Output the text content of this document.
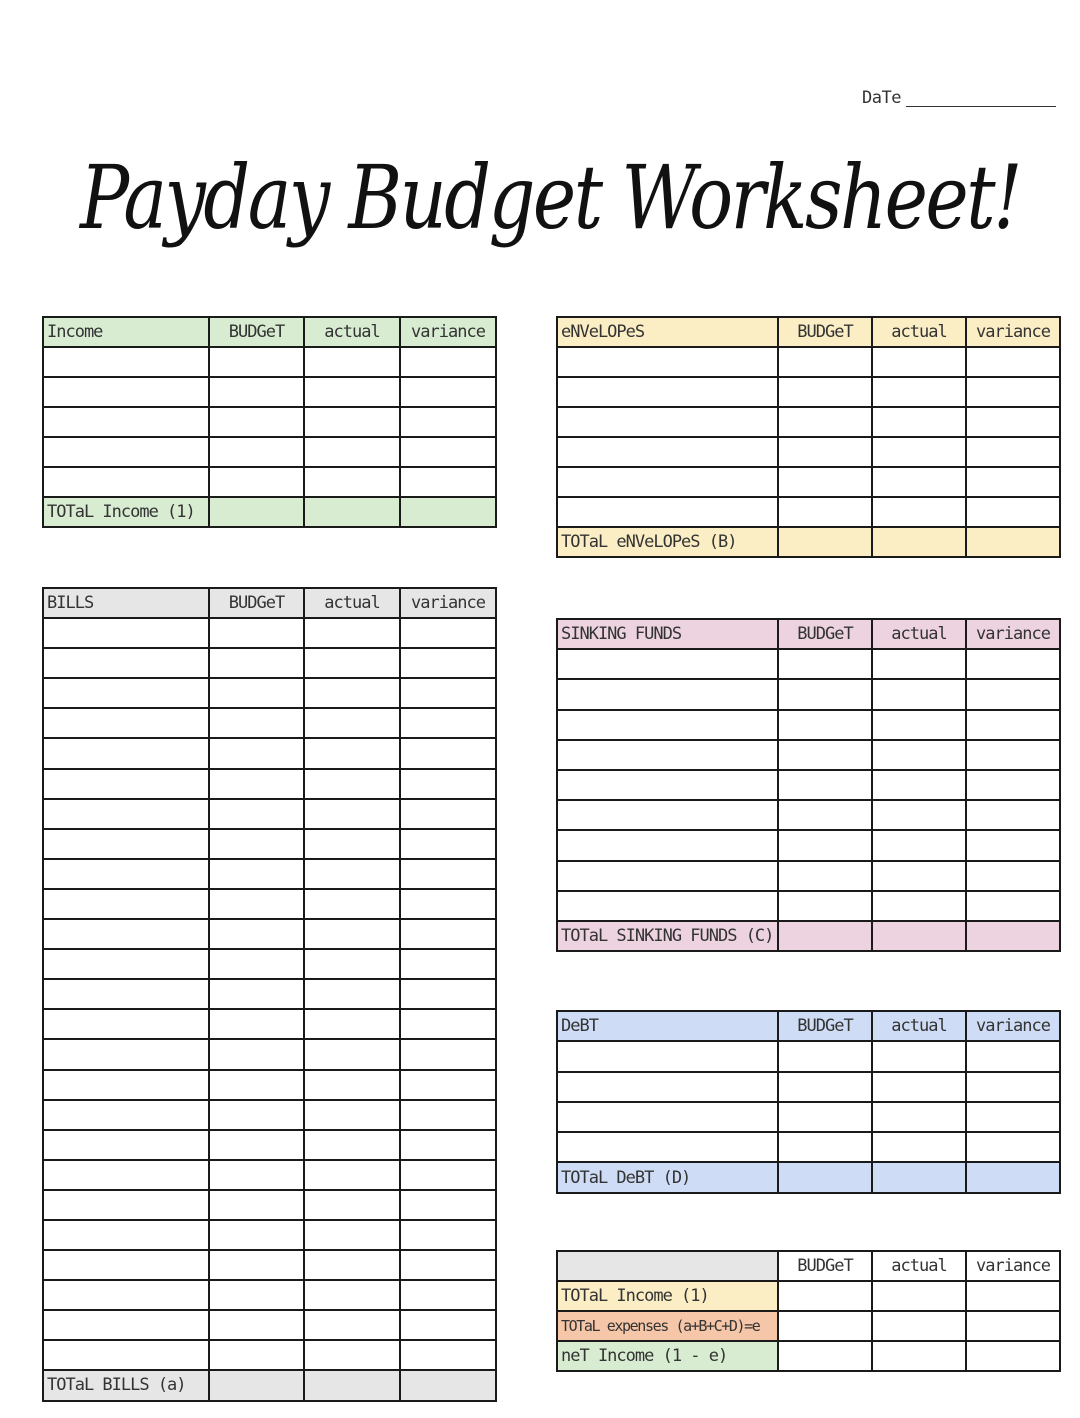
DaTe
Payday Budget Worksheet!
Income	BUDGeT	actual	variance

TOTaL Income (1)			
BILLS	BUDGeT	actual	variance

TOTaL BILLS (a)			
eNVeLOPeS	BUDGeT	actual	variance

TOTaL eNVeLOPeS (B)			
SINKING FUNDS	BUDGeT	actual	variance

TOTaL SINKING FUNDS (C)			
DeBT	BUDGeT	actual	variance

TOTaL DeBT (D)			
	BUDGeT	actual	variance
TOTaL Income (1)			
TOTaL expenses (a+B+C+D)=e			
neT Income (1 - e)			
